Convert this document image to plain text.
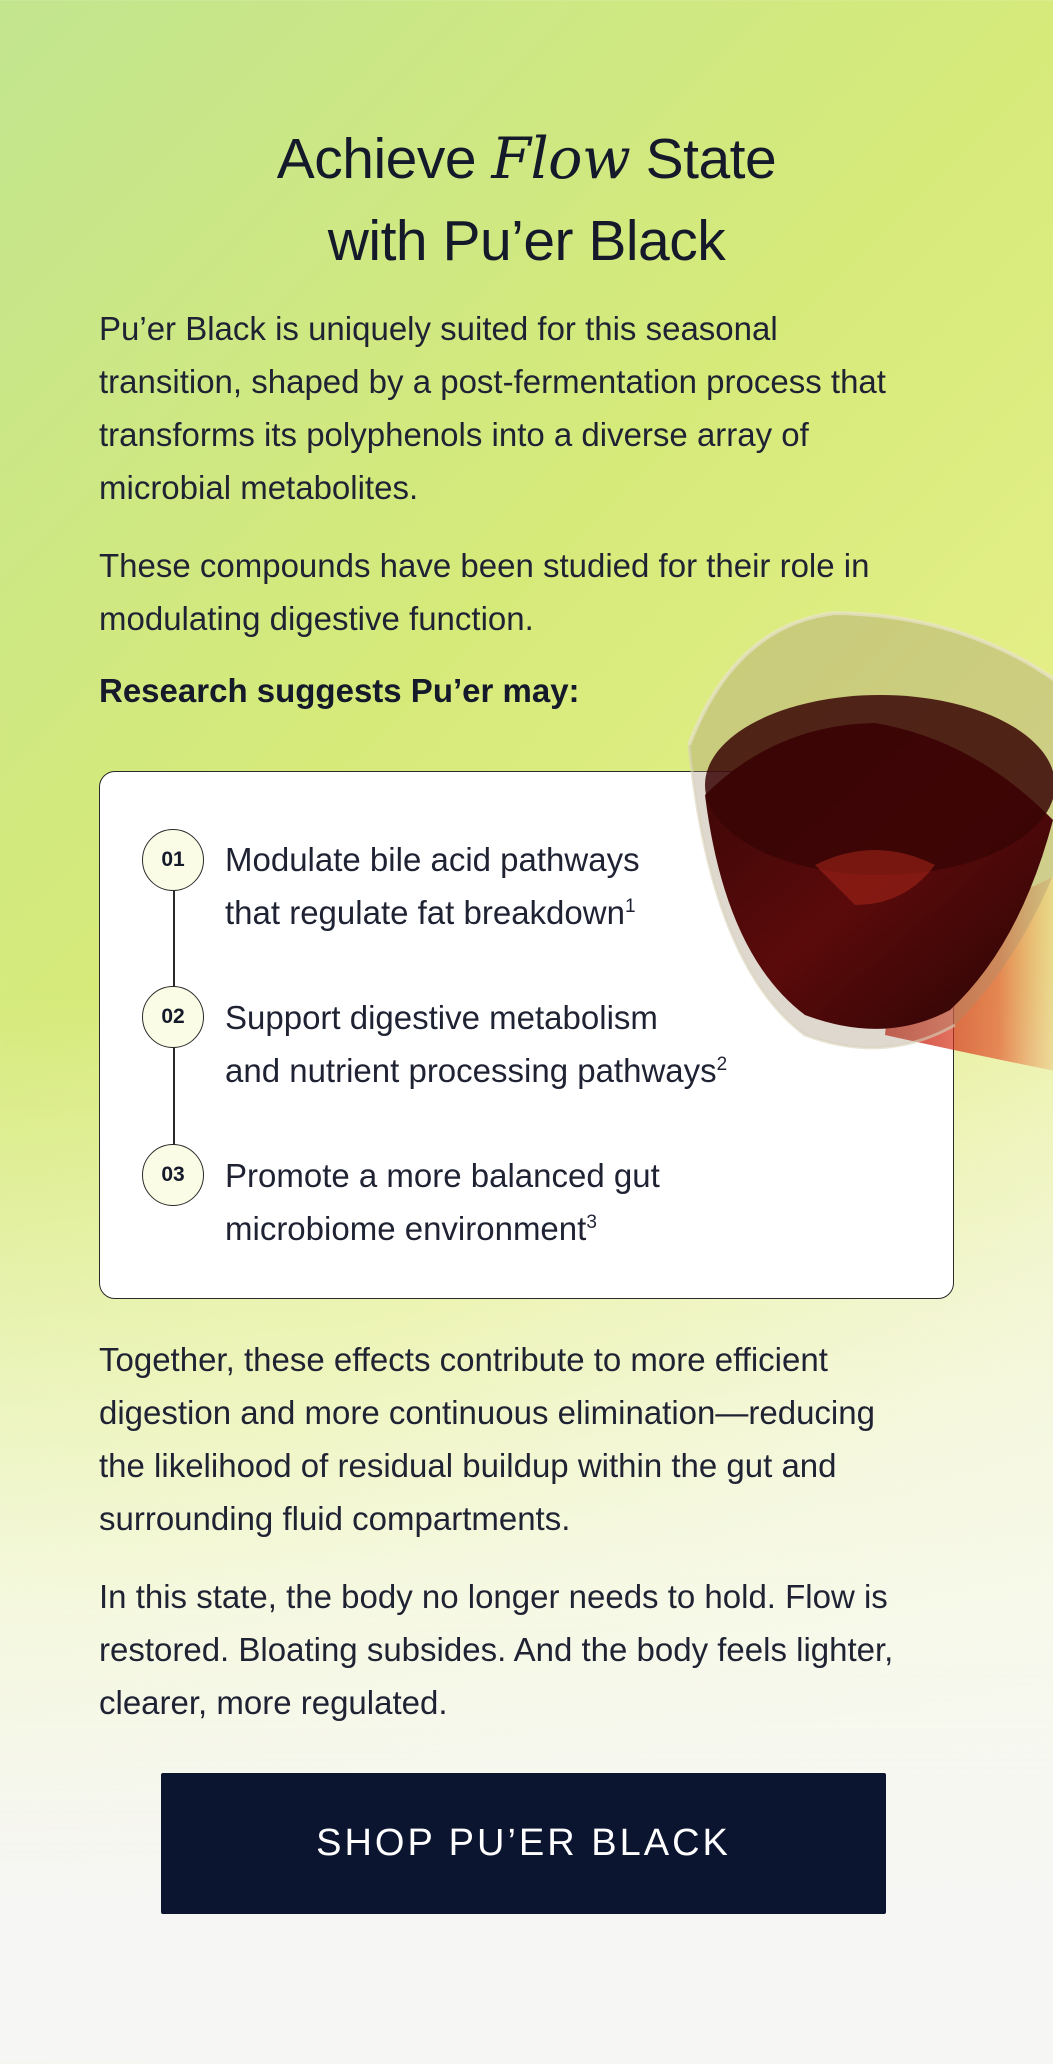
Achieve Flow State
with Pu’er Black

Pu’er Black is uniquely suited for this seasonal transition, shaped by a post-fermentation process that transforms its polyphenols into a diverse array of microbial metabolites.

These compounds have been studied for their role in modulating digestive function.

Research suggests Pu’er may:
01	Modulate bile acid pathways
that regulate fat breakdown$^1$
02	Support digestive metabolism
and nutrient processing pathways$^2$
03	Promote a more balanced gut
microbiome environment$^3$

Together, these effects contribute to more efficient digestion and more continuous elimination—reducing the likelihood of residual buildup within the gut and surrounding fluid compartments.

In this state, the body no longer needs to hold. Flow is restored. Bloating subsides. And the body feels lighter, clearer, more regulated.

SHOP PU’ER BLACK
